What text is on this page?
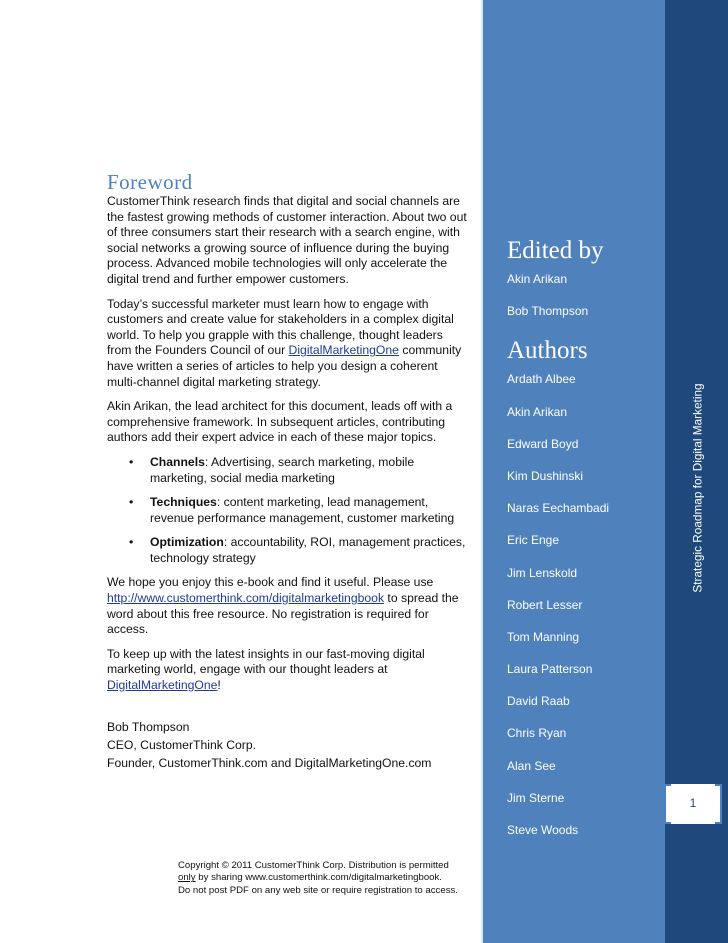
Foreword

CustomerThink research finds that digital and social channels are the fastest growing methods of customer interaction. About two out of three consumers start their research with a search engine, with social networks a growing source of influence during the buying process. Advanced mobile technologies will only accelerate the digital trend and further empower customers.

Today’s successful marketer must learn how to engage with customers and create value for stakeholders in a complex digital world. To help you grapple with this challenge, thought leaders from the Founders Council of our DigitalMarketingOne community have written a series of articles to help you design a coherent multi-channel digital marketing strategy.

Akin Arikan, the lead architect for this document, leads off with a comprehensive framework. In subsequent articles, contributing authors add their expert advice in each of these major topics.

• Channels: Advertising, search marketing, mobile marketing, social media marketing
• Techniques: content marketing, lead management, revenue performance management, customer marketing
• Optimization: accountability, ROI, management practices, technology strategy

We hope you enjoy this e-book and find it useful. Please use http://www.customerthink.com/digitalmarketingbook to spread the word about this free resource. No registration is required for access.

To keep up with the latest insights in our fast-moving digital marketing world, engage with our thought leaders at DigitalMarketingOne!

Bob Thompson
CEO, CustomerThink Corp.
Founder, CustomerThink.com and DigitalMarketingOne.com
Copyright © 2011 CustomerThink Corp. Distribution is permitted
only by sharing www.customerthink.com/digitalmarketingbook.
Do not post PDF on any web site or require registration to access.
Edited by
Akin Arikan
Bob Thompson
Authors
Ardath Albee
Akin Arikan
Edward Boyd
Kim Dushinski
Naras Eechambadi
Eric Enge
Jim Lenskold
Robert Lesser
Tom Manning
Laura Patterson
David Raab
Chris Ryan
Alan See
Jim Sterne
Steve Woods
Strategic Roadmap for Digital Marketing
1
